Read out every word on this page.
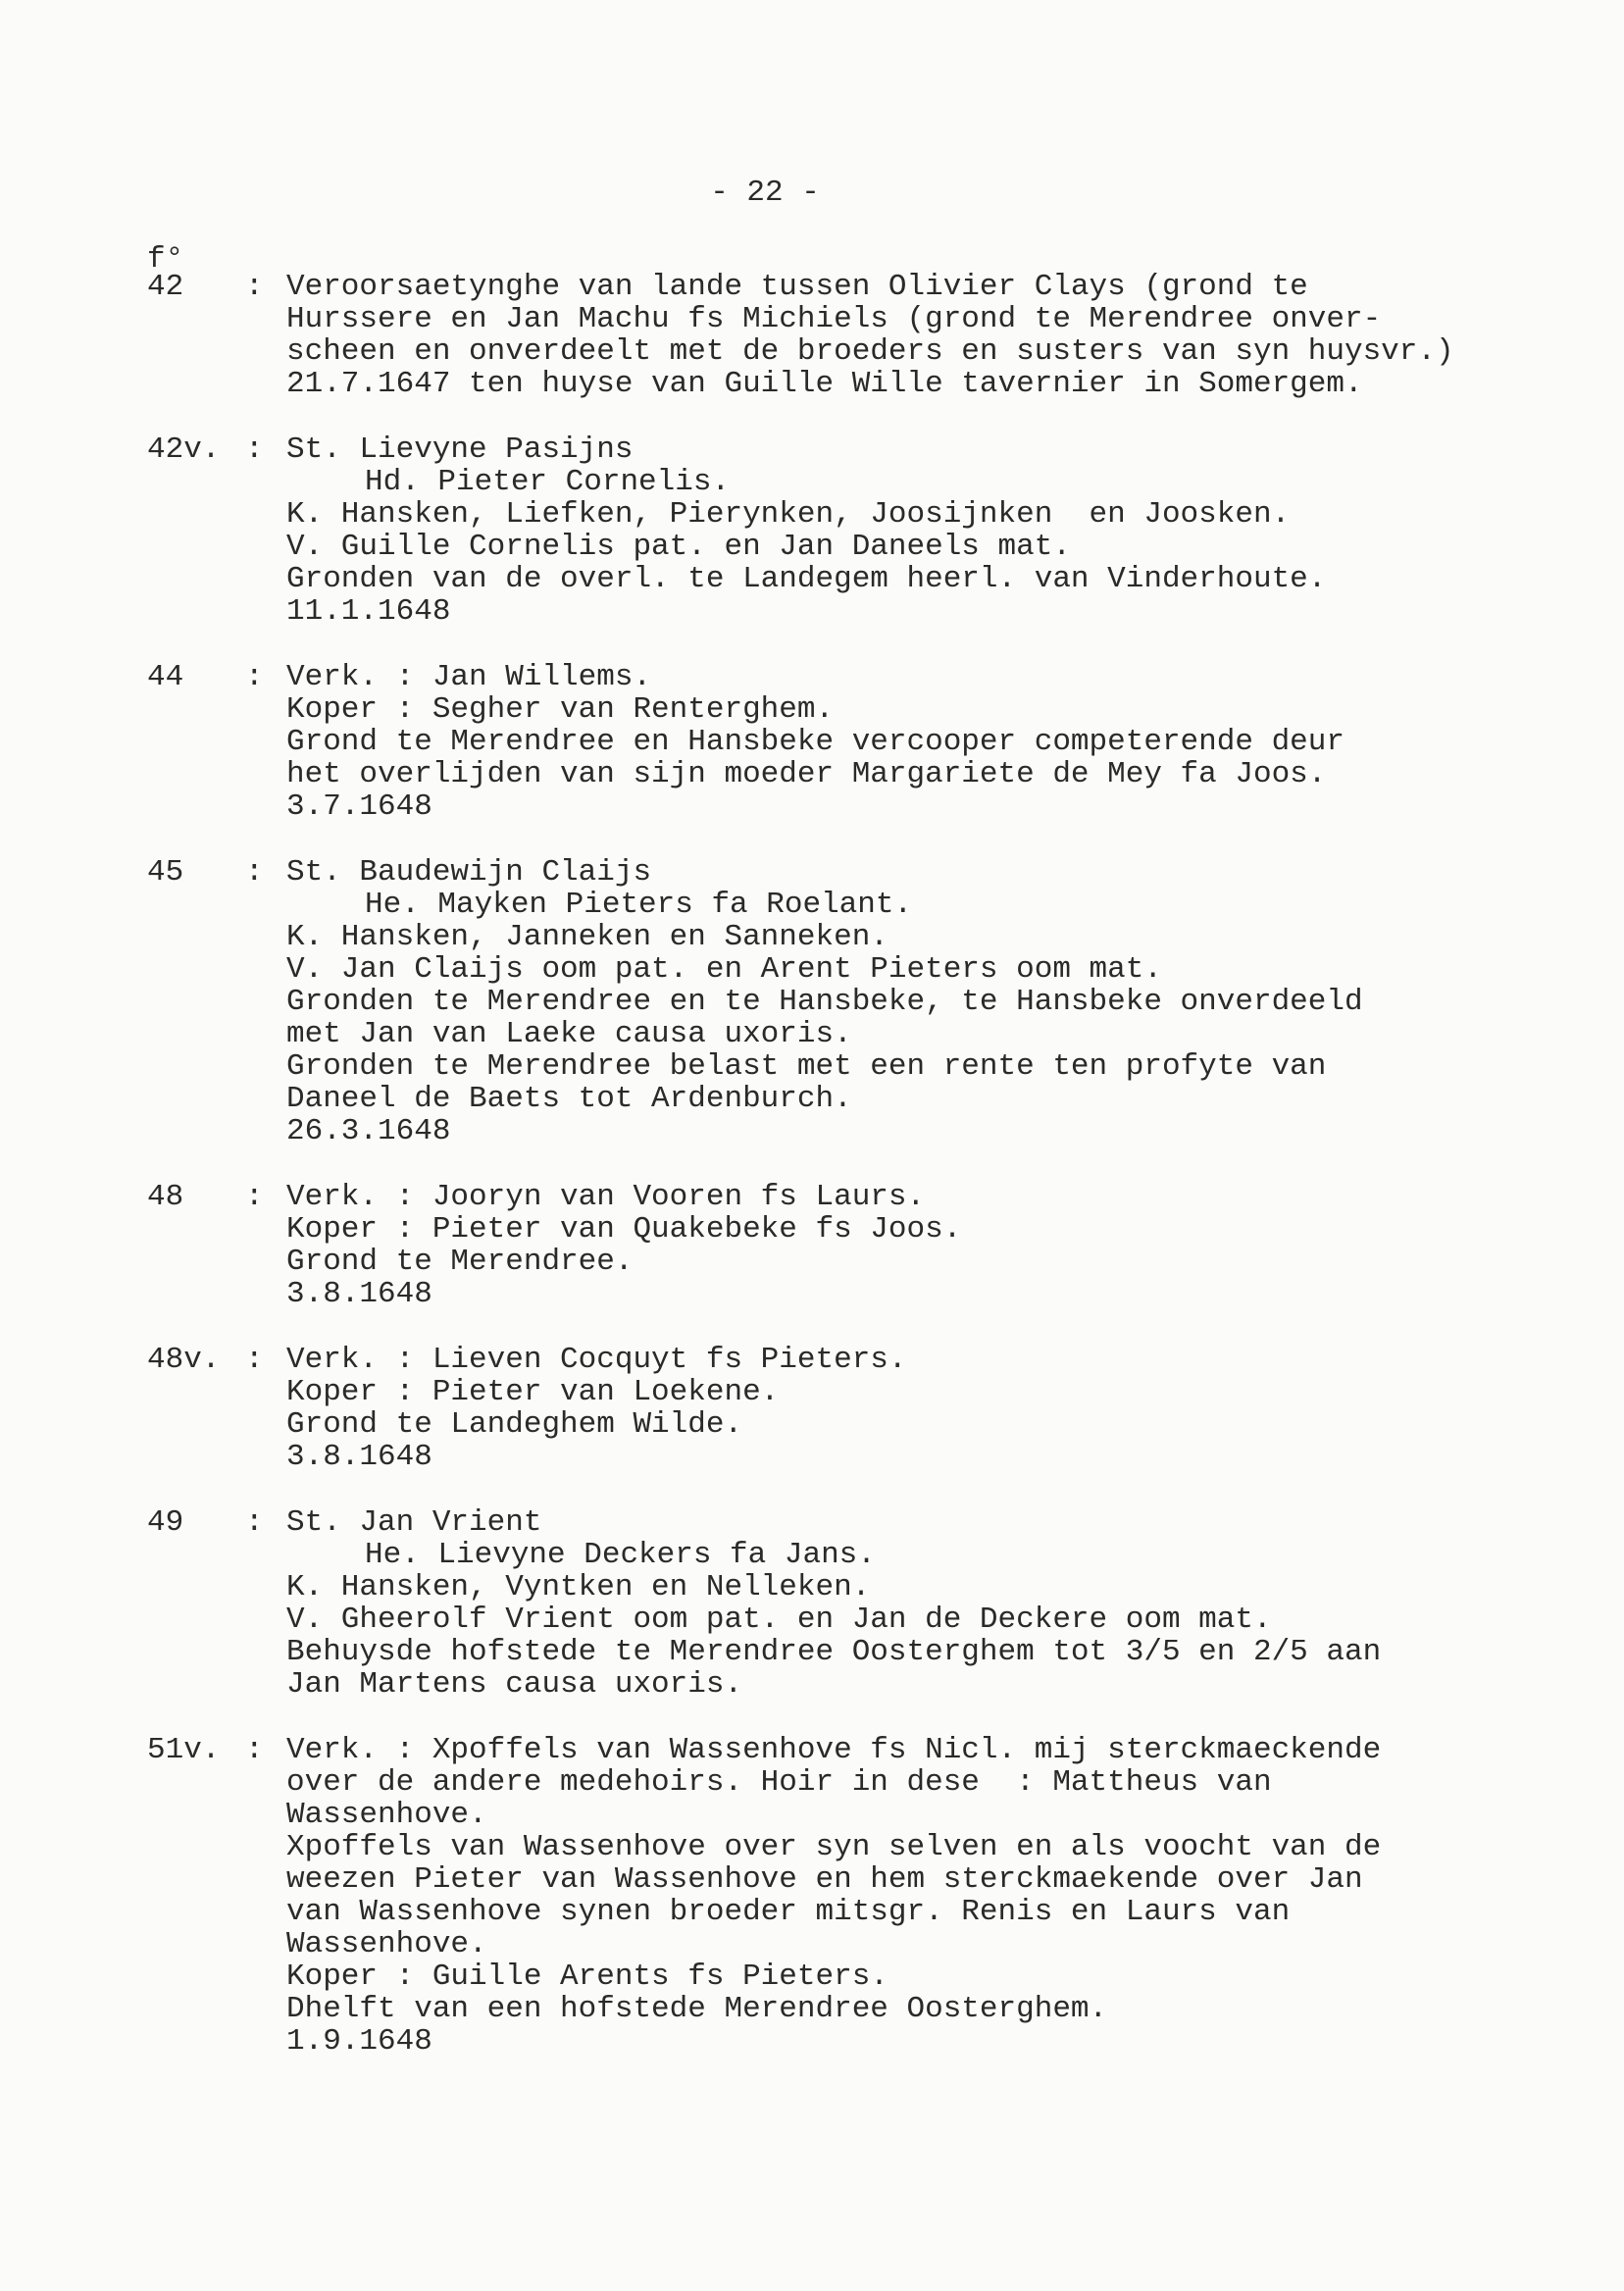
- 22 -
f°
42	: Veroorsaetynghe van lande tussen Olivier Clays (grond te
Hurssere en Jan Machu fs Michiels (grond te Merendree onver-
scheen en onverdeelt met de broeders en susters van syn huysvr.)
21.7.1647 ten huyse van Guille Wille tavernier in Somergem.
42v. : St. Lievyne Pasijns
Hd. Pieter Cornelis.
K. Hansken, Liefken, Pierynken, Joosijnken  en Joosken.
V. Guille Cornelis pat. en Jan Daneels mat.
Gronden van de overl. te Landegem heerl. van Vinderhoute.
11.1.1648
44	: Verk. : Jan Willems.
Koper : Segher van Renterghem.
Grond te Merendree en Hansbeke vercooper competerende deur
het overlijden van sijn moeder Margariete de Mey fa Joos.
3.7.1648
45	: St. Baudewijn Claijs
He. Mayken Pieters fa Roelant.
K. Hansken, Janneken en Sanneken.
V. Jan Claijs oom pat. en Arent Pieters oom mat.
Gronden te Merendree en te Hansbeke, te Hansbeke onverdeeld
met Jan van Laeke causa uxoris.
Gronden te Merendree belast met een rente ten profyte van
Daneel de Baets tot Ardenburch.
26.3.1648
48	: Verk. : Jooryn van Vooren fs Laurs.
Koper : Pieter van Quakebeke fs Joos.
Grond te Merendree.
3.8.1648
48v. : Verk. : Lieven Cocquyt fs Pieters.
Koper : Pieter van Loekene.
Grond te Landeghem Wilde.
3.8.1648
49	: St. Jan Vrient
He. Lievyne Deckers fa Jans.
K. Hansken, Vyntken en Nelleken.
V. Gheerolf Vrient oom pat. en Jan de Deckere oom mat.
Behuysde hofstede te Merendree Oosterghem tot 3/5 en 2/5 aan
Jan Martens causa uxoris.
51v. : Verk. : Xpoffels van Wassenhove fs Nicl. mij sterckmaeckende
over de andere medehoirs. Hoir in dese  : Mattheus van
Wassenhove.
Xpoffels van Wassenhove over syn selven en als voocht van de
weezen Pieter van Wassenhove en hem sterckmaekende over Jan
van Wassenhove synen broeder mitsgr. Renis en Laurs van
Wassenhove.
Koper : Guille Arents fs Pieters.
Dhelft van een hofstede Merendree Oosterghem.
1.9.1648
